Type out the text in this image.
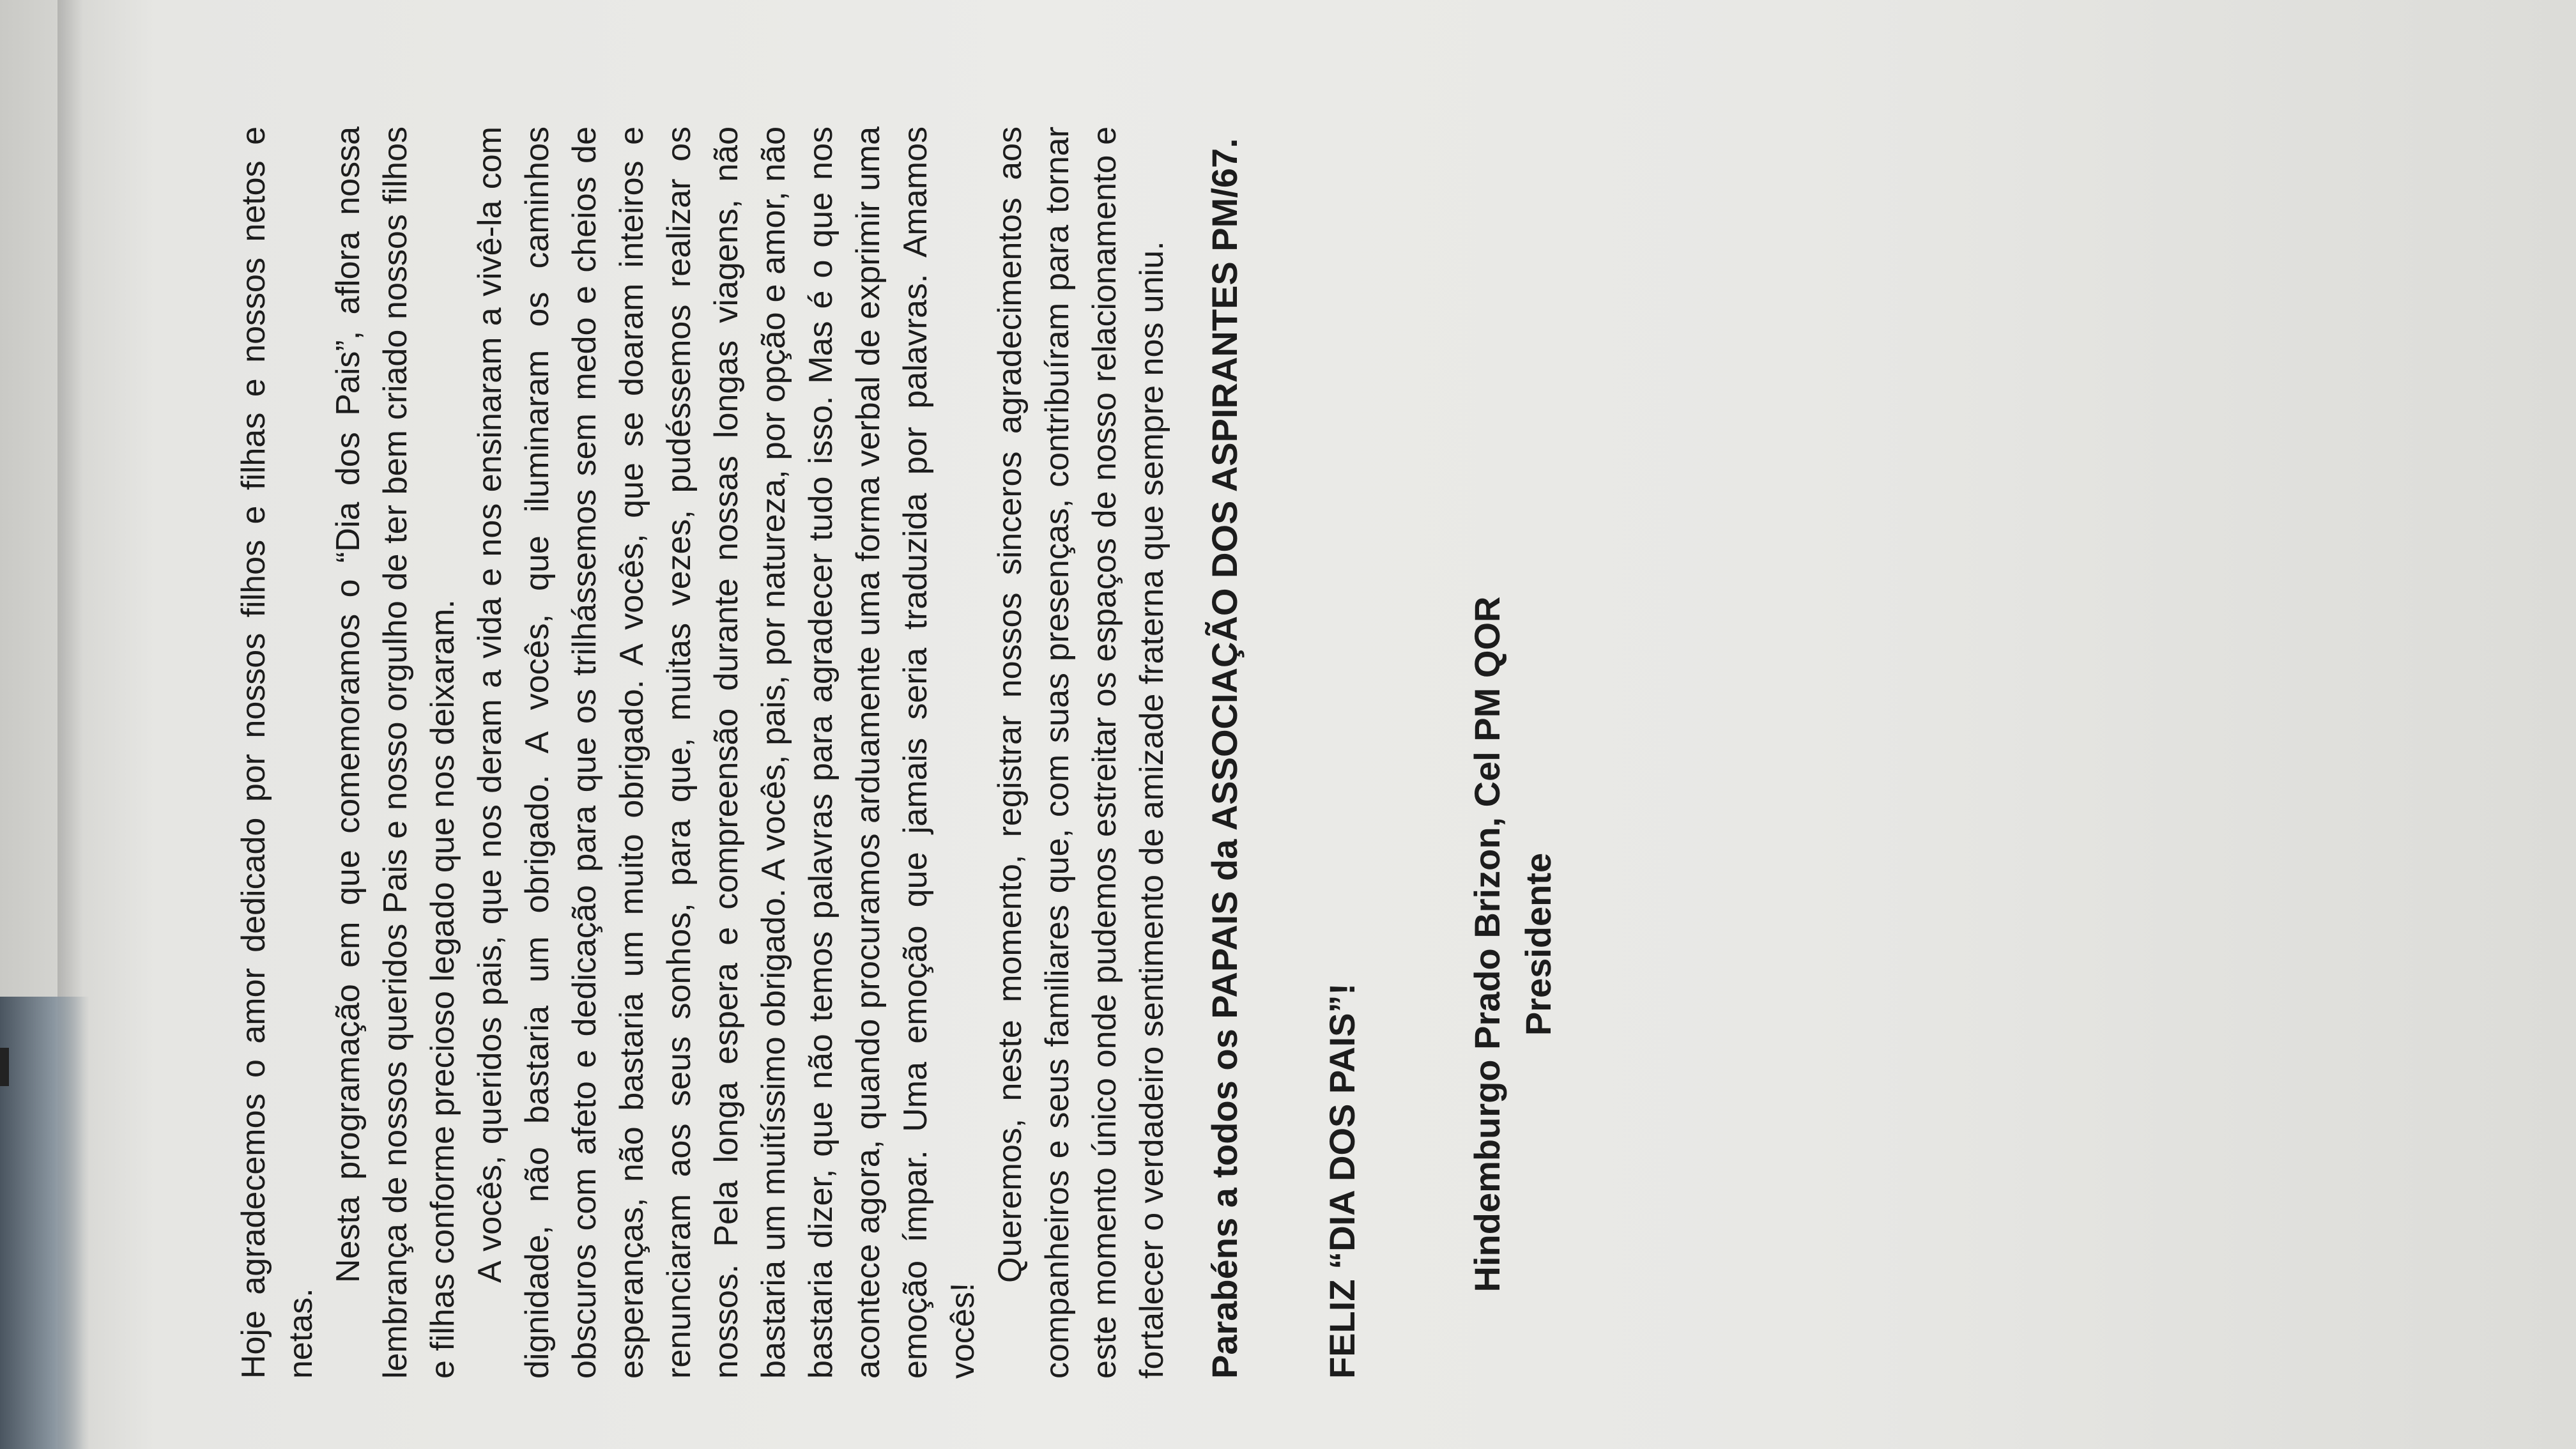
Hoje agradecemos o amor dedicado por nossos filhos e filhas e nossos netos e netas.

Nesta programação em que comemoramos o “Dia dos Pais”, aflora nossa lembrança de nossos queridos Pais e nosso orgulho de ter bem criado nossos filhos e filhas conforme precioso legado que nos deixaram. A vocês, queridos pais, que nos deram a vida e nos ensinaram a vivê-la com dignidade, não bastaria um obrigado. A vocês, que iluminaram os caminhos obscuros com afeto e dedicação para que os trilhássemos sem medo e cheios de esperanças, não bastaria um muito obrigado. A vocês, que se doaram inteiros e renunciaram aos seus sonhos, para que, muitas vezes, pudéssemos realizar os nossos. Pela longa espera e compreensão durante nossas longas viagens, não bastaria um muitíssimo obrigado. A vocês, pais, por natureza, por opção e amor, não bastaria dizer, que não temos palavras para agradecer tudo isso. Mas é o que nos acontece agora, quando procuramos arduamente uma forma verbal de exprimir uma emoção ímpar. Uma emoção que jamais seria traduzida por palavras. Amamos vocês!

Queremos, neste momento, registrar nossos sinceros agradecimentos aos companheiros e seus familiares que, com suas presenças, contribuíram para tornar este momento único onde pudemos estreitar os espaços de nosso relacionamento e fortalecer o verdadeiro sentimento de amizade fraterna que sempre nos uniu. Parabéns a todos os PAPAIS da ASSOCIAÇÃO DOS ASPIRANTES PM/67. FELIZ “DIA DOS PAIS”!	Hindemburgo Prado Brizon, Cel PM QOR Presidente
